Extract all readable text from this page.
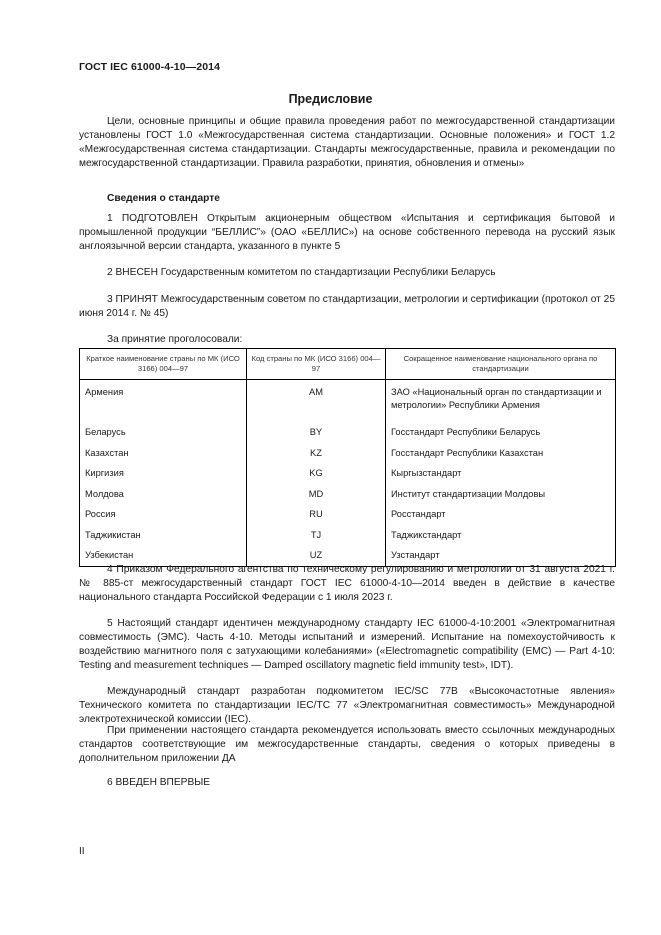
ГОСТ IEC 61000-4-10—2014
Предисловие
Цели, основные принципы и общие правила проведения работ по межгосударственной стандартизации установлены ГОСТ 1.0 «Межгосударственная система стандартизации. Основные положения» и ГОСТ 1.2 «Межгосударственная система стандартизации. Стандарты межгосударственные, правила и рекомендации по межгосударственной стандартизации. Правила разработки, принятия, обновления и отмены»
Сведения о стандарте
1 ПОДГОТОВЛЕН Открытым акционерным обществом «Испытания и сертификация бытовой и промышленной продукции “БЕЛЛИС”» (ОАО «БЕЛЛИС») на основе собственного перевода на русский язык англоязычной версии стандарта, указанного в пункте 5
2 ВНЕСЕН Государственным комитетом по стандартизации Республики Беларусь
3 ПРИНЯТ Межгосударственным советом по стандартизации, метрологии и сертификации (протокол от 25 июня 2014 г. № 45)
За принятие проголосовали:
Краткое наименование страны по МК (ИСО 3166) 004—97	Код страны по МК (ИСО 3166) 004—97	Сокращенное наименование национального органа по стандартизации
Армения	AM	ЗАО «Национальный орган по стандартизации и метрологии» Республики Армения
Беларусь	BY	Госстандарт Республики Беларусь
Казахстан	KZ	Госстандарт Республики Казахстан
Киргизия	KG	Кыргызстандарт
Молдова	MD	Институт стандартизации Молдовы
Россия	RU	Росстандарт
Таджикистан	TJ	Таджикстандарт
Узбекистан	UZ	Узстандарт
4 Приказом Федерального агентства по техническому регулированию и метрологии от 31 августа 2021 г. № 885-ст межгосударственный стандарт ГОСТ IEC 61000-4-10—2014 введен в действие в качестве национального стандарта Российской Федерации с 1 июля 2023 г.
5 Настоящий стандарт идентичен международному стандарту IEC 61000-4-10:2001 «Электромагнитная совместимость (ЭМС). Часть 4-10. Методы испытаний и измерений. Испытание на помехоустойчивость к воздействию магнитного поля с затухающими колебаниями» («Electromagnetic compatibility (EMC) — Part 4-10: Testing and measurement techniques — Damped oscillatory magnetic field immunity test», IDT).
Международный стандарт разработан подкомитетом IEC/SC 77B «Высокочастотные явления» Технического комитета по стандартизации IEC/TC 77 «Электромагнитная совместимость» Международной электротехнической комиссии (IEC).
При применении настоящего стандарта рекомендуется использовать вместо ссылочных международных стандартов соответствующие им межгосударственные стандарты, сведения о которых приведены в дополнительном приложении ДА
6 ВВЕДЕН ВПЕРВЫЕ
II
